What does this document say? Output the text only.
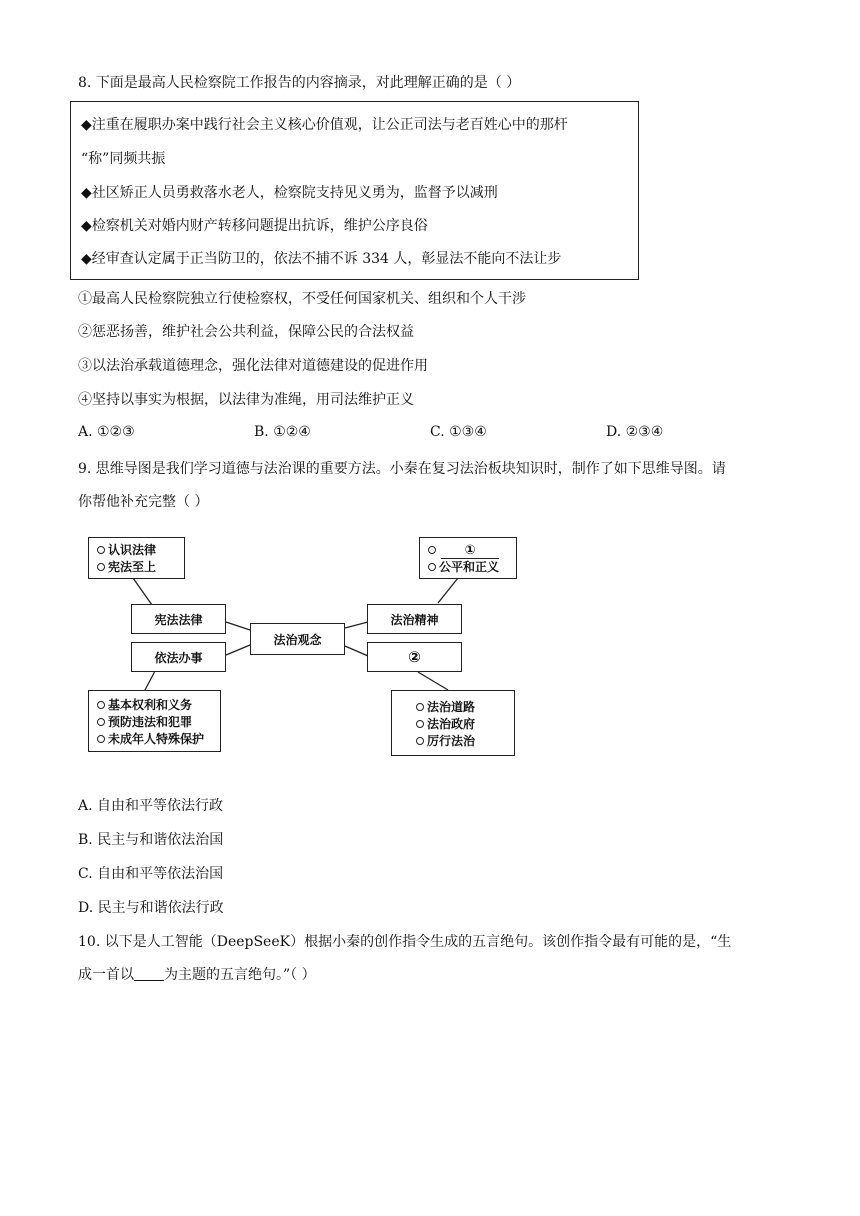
8. 下面是最高人民检察院工作报告的内容摘录，对此理解正确的是（ ）
◆注重在履职办案中践行社会主义核心价值观，让公正司法与老百姓心中的那杆
“称”同频共振
◆社区矫正人员勇救落水老人，检察院支持见义勇为，监督予以减刑
◆检察机关对婚内财产转移问题提出抗诉，维护公序良俗
◆经审查认定属于正当防卫的，依法不捕不诉 334 人，彰显法不能向不法让步
①最高人民检察院独立行使检察权，不受任何国家机关、组织和个人干涉
②惩恶扬善，维护社会公共利益，保障公民的合法权益
③以法治承载道德理念，强化法律对道德建设的促进作用
④坚持以事实为根据，以法律为准绳，用司法维护正义
A. ①②③	B. ①②④	C. ①③④	D. ②③④
9. 思维导图是我们学习道德与法治课的重要方法。小秦在复习法治板块知识时，制作了如下思维导图。请
你帮他补充完整（ ）
认识法律
宪法至上
宪法法律
依法办事
法治观念
法治精神
②
①
公平和正义
基本权利和义务
预防违法和犯罪
未成年人特殊保护
法治道路
法治政府
厉行法治
A. 自由和平等依法行政
B. 民主与和谐依法治国
C. 自由和平等依法治国
D. 民主与和谐依法行政
10. 以下是人工智能（DeepSeeK）根据小秦的创作指令生成的五言绝句。该创作指令最有可能的是，“生
成一首以 为主题的五言绝句。”（ ）
